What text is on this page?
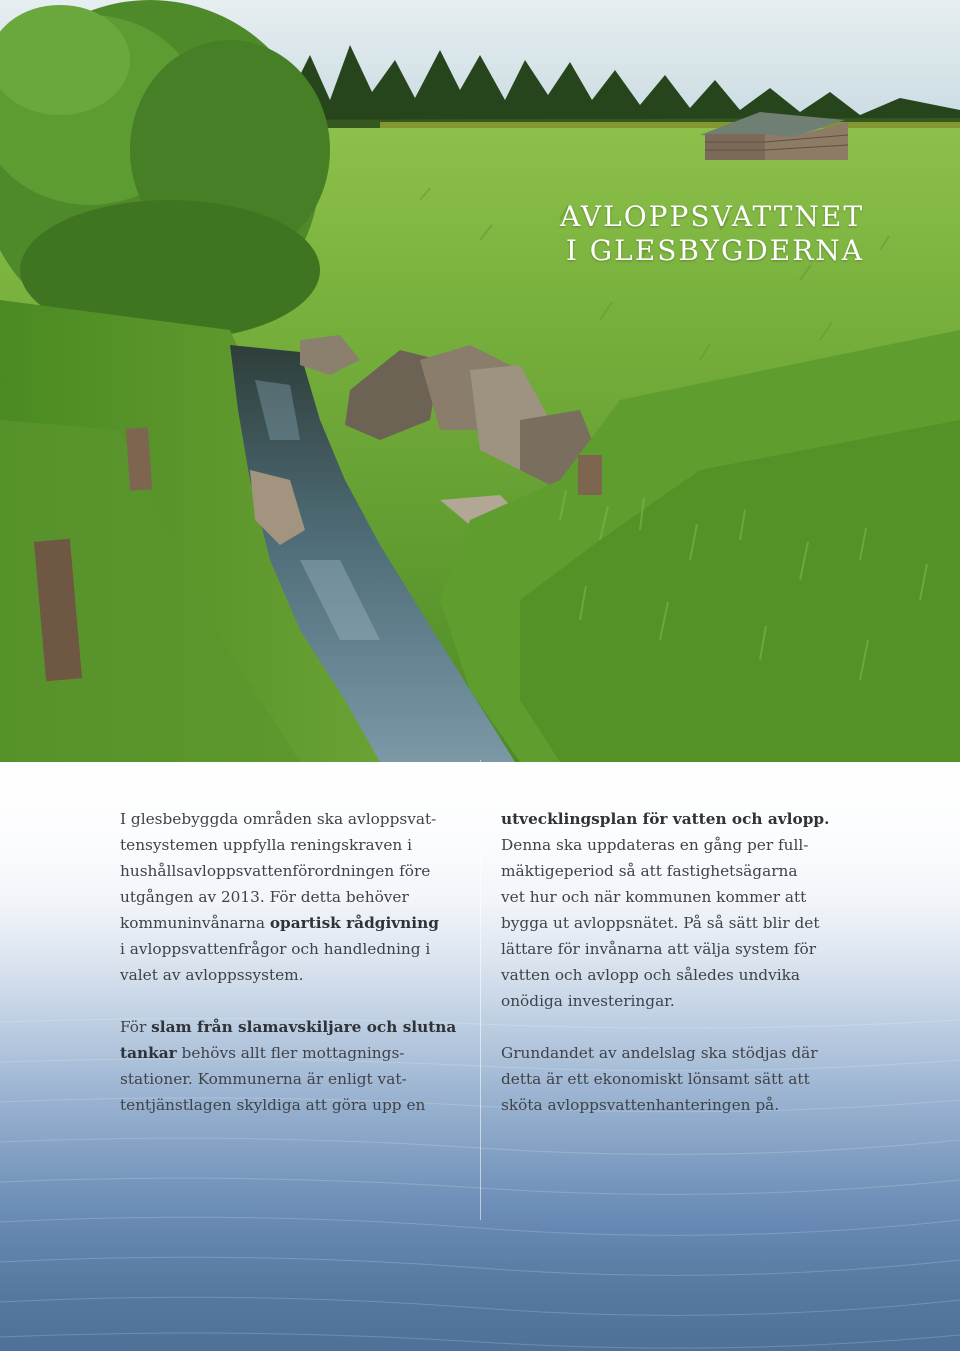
AVLOPPSVATTNET
I GLESBYGDERNA

I glesbebyggda områden ska avloppsvat-

tensystemen uppfylla reningskraven i

hushållsavloppsvattenförordningen före

utgången av 2013. För detta behöver

kommuninvånarna opartisk rådgivning

i avloppsvattenfrågor och handledning i

valet av avloppssystem.

För slam från slamavskiljare och slutna

tankar behövs allt fler mottagnings-

stationer. Kommunerna är enligt vat-

tentjänstlagen skyldiga att göra upp en

utvecklingsplan för vatten och avlopp.

Denna ska uppdateras en gång per full-

mäktigeperiod så att fastighetsägarna

vet hur och när kommunen kommer att

bygga ut avloppsnätet. På så sätt blir det

lättare för invånarna att välja system för

vatten och avlopp och således undvika

onödiga investeringar.

Grundandet av andelslag ska stödjas där

detta är ett ekonomiskt lönsamt sätt att

sköta avloppsvattenhanteringen på.
